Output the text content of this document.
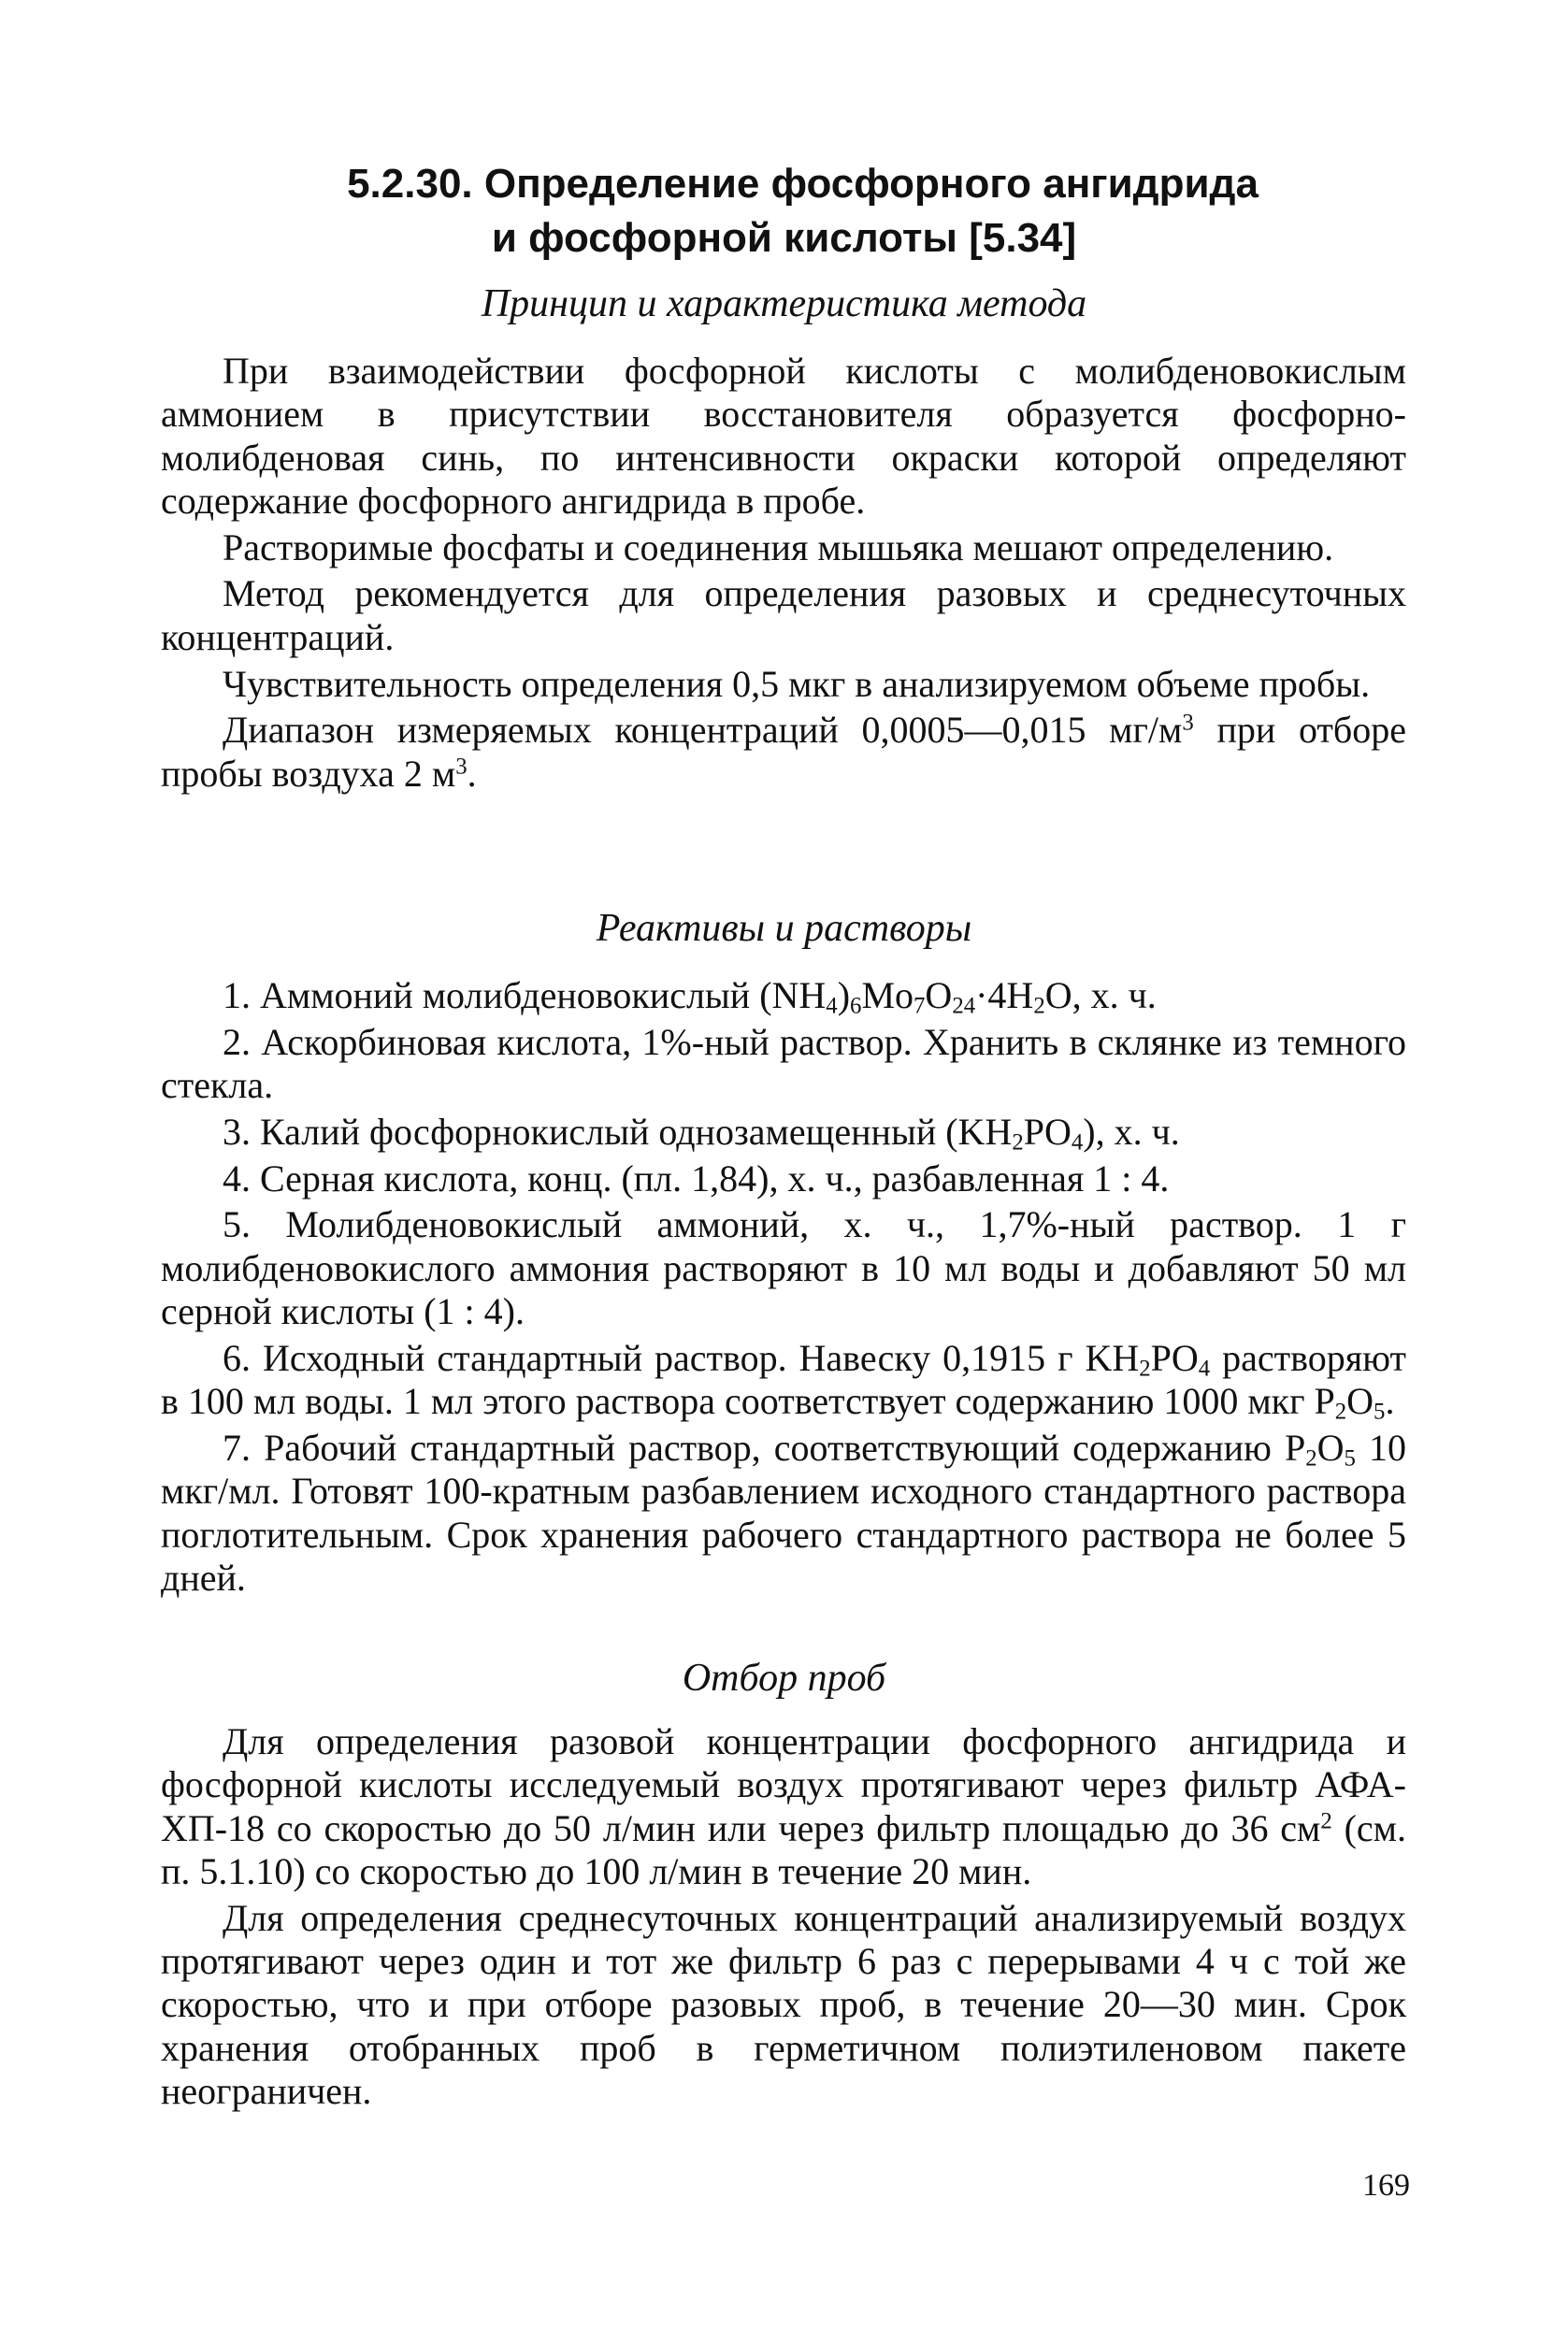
5.2.30. Определение фосфорного ангидрида
и фосфорной кислоты [5.34]
Принцип и характеристика метода

При взаимодействии фосфорной кислоты с молибденовокислым аммонием в присутствии восстановителя образуется фосфорно-молибденовая синь, по интенсивности окраски которой определяют содержание фосфорного ангидрида в пробе.

Растворимые фосфаты и соединения мышьяка мешают определению.

Метод рекомендуется для определения разовых и среднесуточных концентраций.

Чувствительность определения 0,5 мкг в анализируемом объеме пробы.

Диапазон измеряемых концентраций 0,0005—0,015 $мг/м^3$ при отборе пробы воздуха 2 $м^3$.

Реактивы и растворы

1. Аммоний молибденовокислый $(NH_4)_6Mo_7O_{24}\cdot 4H_2O$, х. ч.

2. Аскорбиновая кислота, 1%-ный раствор. Хранить в склянке из темного стекла.

3. Калий фосфорнокислый однозамещенный $(KH_2PO_4)$, х. ч.

4. Серная кислота, конц. (пл. 1,84), х. ч., разбавленная 1 : 4.

5. Молибденовокислый аммоний, х. ч., 1,7%-ный раствор. 1 г молибденовокислого аммония растворяют в 10 мл воды и добавляют 50 мл серной кислоты (1 : 4).

6. Исходный стандартный раствор. Навеску 0,1915 г $KH_2PO_4$ растворяют в 100 мл воды. 1 мл этого раствора соответствует содержанию 1000 мкг $P_2O_5$.

7. Рабочий стандартный раствор, соответствующий содержанию $P_2O_5$ 10 мкг/мл. Готовят 100-кратным разбавлением исходного стандартного раствора поглотительным. Срок хранения рабочего стандартного раствора не более 5 дней.

Отбор проб

Для определения разовой концентрации фосфорного ангидрида и фосфорной кислоты исследуемый воздух протягивают через фильтр АФА-ХП-18 со скоростью до 50 л/мин или через фильтр площадью до 36 $см^2$ (см. п. 5.1.10) со скоростью до 100 л/мин в течение 20 мин.

Для определения среднесуточных концентраций анализируемый воздух протягивают через один и тот же фильтр 6 раз с перерывами 4 ч с той же скоростью, что и при отборе разовых проб, в течение 20—30 мин. Срок хранения отобранных проб в герметичном полиэтиленовом пакете неограничен.

169
